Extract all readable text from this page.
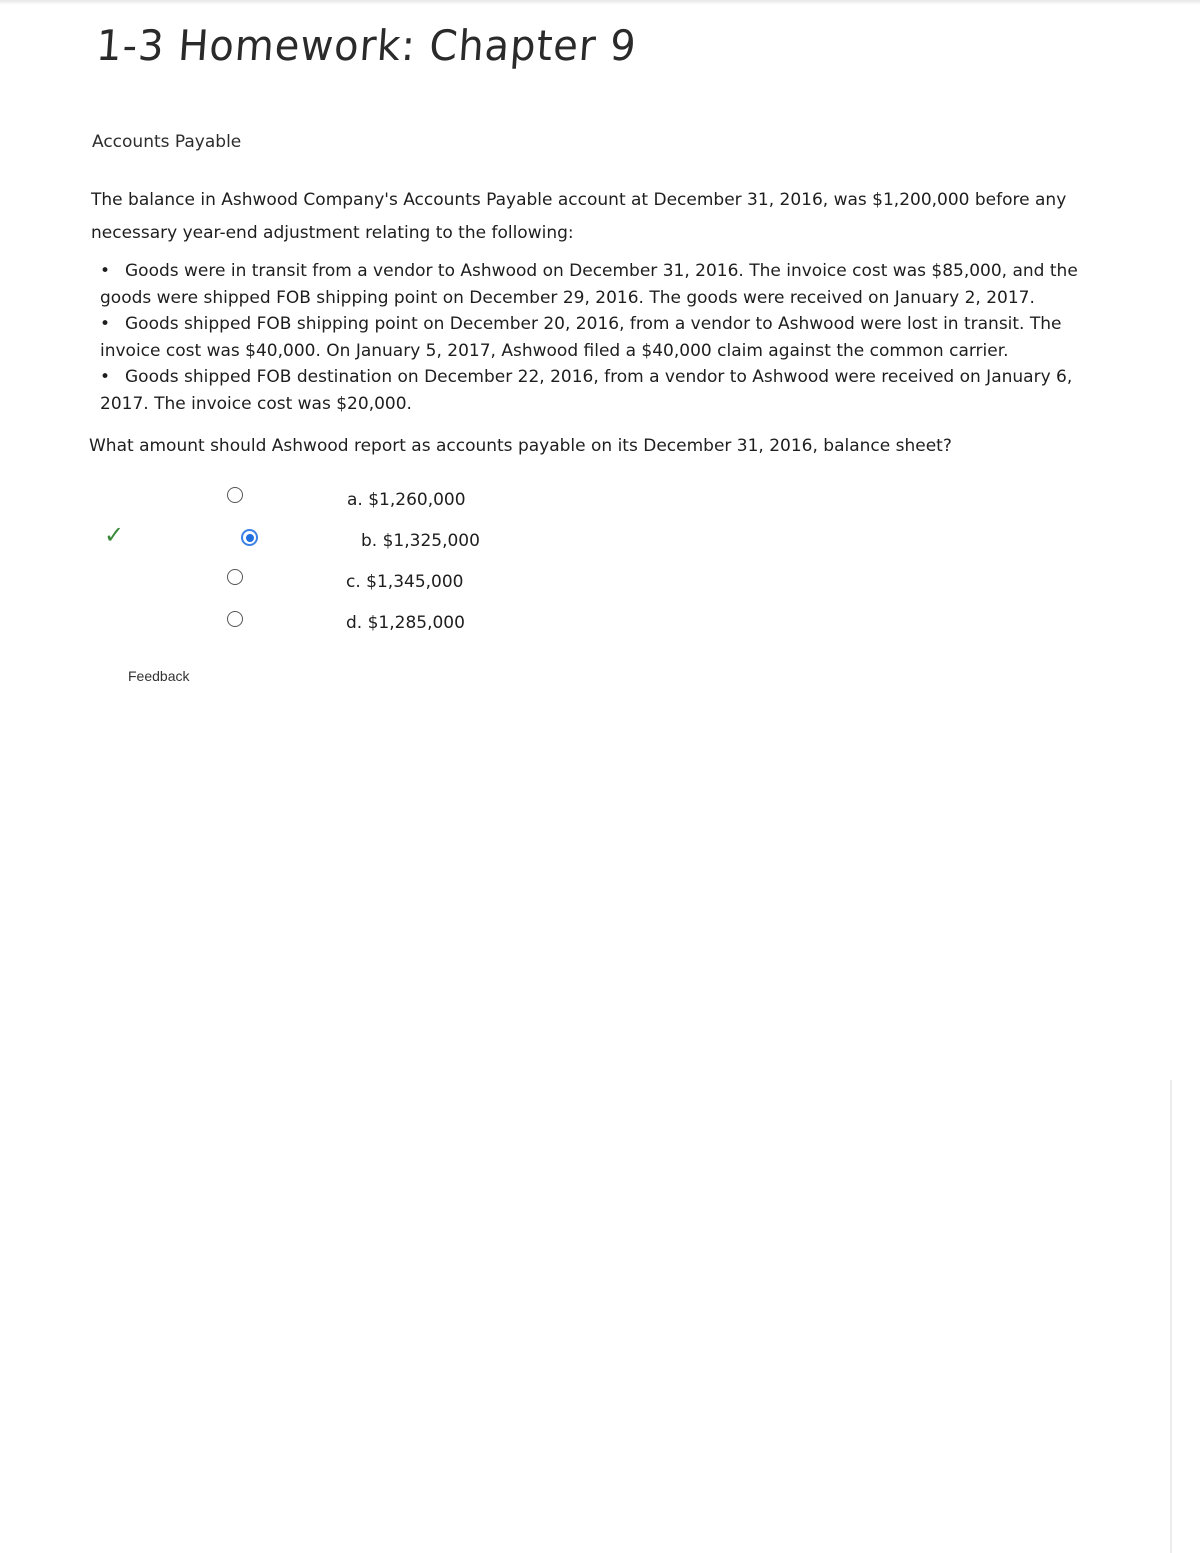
1-3 Homework: Chapter 9
Accounts Payable
The balance in Ashwood Company's Accounts Payable account at December 31, 2016, was $1,200,000 before any necessary year-end adjustment relating to the following:
• Goods were in transit from a vendor to Ashwood on December 31, 2016. The invoice cost was $85,000, and the goods were shipped FOB shipping point on December 29, 2016. The goods were received on January 2, 2017.
• Goods shipped FOB shipping point on December 20, 2016, from a vendor to Ashwood were lost in transit. The invoice cost was $40,000. On January 5, 2017, Ashwood filed a $40,000 claim against the common carrier.
• Goods shipped FOB destination on December 22, 2016, from a vendor to Ashwood were received on January 6, 2017. The invoice cost was $20,000.
What amount should Ashwood report as accounts payable on its December 31, 2016, balance sheet?
✓
a. $1,260,000
b. $1,325,000
c. $1,345,000
d. $1,285,000
Feedback
